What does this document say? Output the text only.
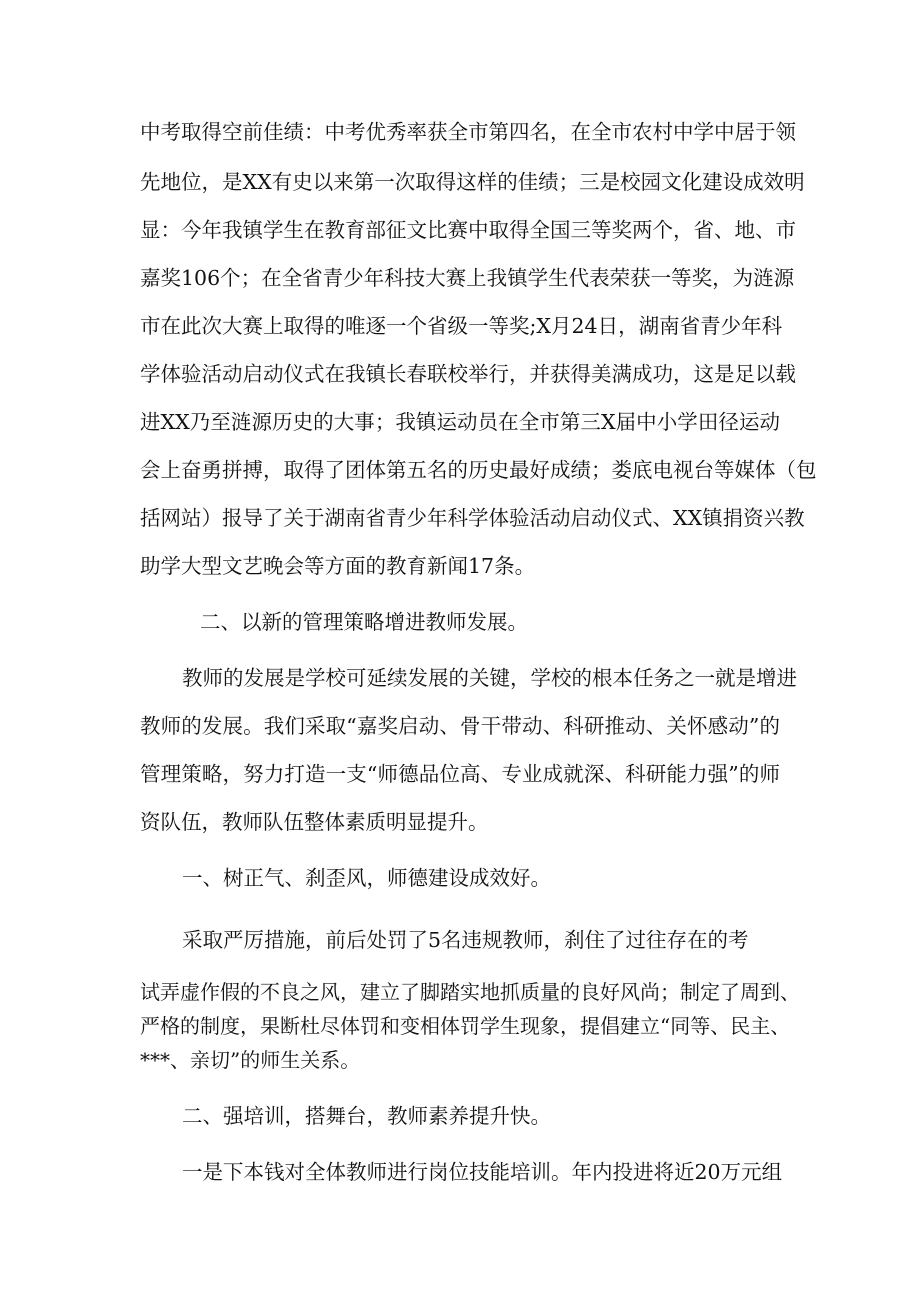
中考取得空前佳绩：中考优秀率获全市第四名，在全市农村中学中居于领

先地位，是XX有史以来第一次取得这样的佳绩；三是校园文化建设成效明

显：今年我镇学生在教育部征文比赛中取得全国三等奖两个，省、地、市

嘉奖106个；在全省青少年科技大赛上我镇学生代表荣获一等奖，为涟源

市在此次大赛上取得的唯逐一个省级一等奖;X月24日，湖南省青少年科

学体验活动启动仪式在我镇长春联校举行，并获得美满成功，这是足以载

进XX乃至涟源历史的大事；我镇运动员在全市第三X届中小学田径运动

会上奋勇拼搏，取得了团体第五名的历史最好成绩；娄底电视台等媒体（包

括网站）报导了关于湖南省青少年科学体验活动启动仪式、XX镇捐资兴教

助学大型文艺晚会等方面的教育新闻17条。

二、以新的管理策略增进教师发展。

教师的发展是学校可延续发展的关键，学校的根本任务之一就是增进

教师的发展。我们采取“嘉奖启动、骨干带动、科研推动、关怀感动”的

管理策略，努力打造一支“师德品位高、专业成就深、科研能力强”的师

资队伍，教师队伍整体素质明显提升。

一、树正气、刹歪风，师德建设成效好。

采取严厉措施，前后处罚了5名违规教师，刹住了过往存在的考

试弄虚作假的不良之风，建立了脚踏实地抓质量的良好风尚；制定了周到、

严格的制度，果断杜尽体罚和变相体罚学生现象，提倡建立“同等、民主、

***、亲切”的师生关系。

二、强培训，搭舞台，教师素养提升快。

一是下本钱对全体教师进行岗位技能培训。年内投进将近20万元组
